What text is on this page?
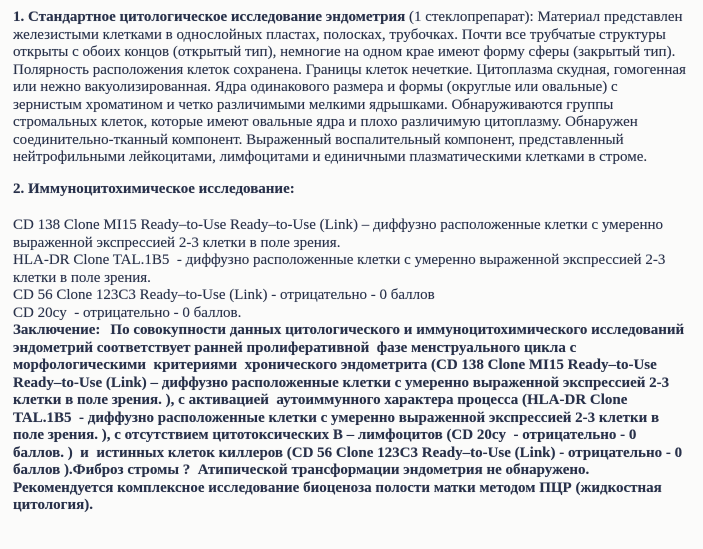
1. Стандартное цитологическое исследование эндометрия (1 стеклопрепарат): Материал представлен железистыми клетками в однослойных пластах, полосках, трубочках. Почти все трубчатые структуры открыты с обоих концов (открытый тип), немногие на одном крае имеют форму сферы (закрытый тип). Полярность расположения клеток сохранена. Границы клеток нечеткие. Цитоплазма скудная, гомогенная или нежно вакуолизированная. Ядра одинакового размера и формы (округлые или овальные) с зернистым хроматином и четко различимыми мелкими ядрышками. Обнаруживаются группы стромальных клеток, которые имеют овальные ядра и плохо различимую цитоплазму. Обнаружен соединительно-тканный компонент. Выраженный воспалительный компонент, представленный нейтрофильными лейкоцитами, лимфоцитами и единичными плазматическими клетками в строме.

2. Иммуноцитохимическое исследование:

CD 138 Clone MI15 Ready–to-Use Ready–to-Use (Link) – диффузно расположенные клетки с умеренно выраженной экспрессией 2-3 клетки в поле зрения.

HLA-DR Clone TAL.1B5  - диффузно расположенные клетки с умеренно выраженной экспрессией 2-3 клетки в поле зрения.

CD 56 Clone 123C3 Ready–to-Use (Link) - отрицательно - 0 баллов

CD 20cy  - отрицательно - 0 баллов.

Заключение: По совокупности данных цитологического и иммуноцитохимического исследований эндометрий соответствует ранней пролиферативной  фазе менструального цикла с морфологическими  критериями  хронического эндометрита (CD 138 Clone MI15 Ready–to-Use Ready–to-Use (Link) – диффузно расположенные клетки с умеренно выраженной экспрессией 2-3 клетки в поле зрения. ), с активацией  аутоиммунного характера процесса (HLA-DR Clone TAL.1B5  - диффузно расположенные клетки с умеренно выраженной экспрессией 2-3 клетки в поле зрения. ), с отсутствием цитотоксических В – лимфоцитов (CD 20cy  - отрицательно - 0 баллов. )  и  истинных клеток киллеров (CD 56 Clone 123C3 Ready–to-Use (Link) - отрицательно - 0 баллов ).Фиброз стромы ?  Атипической трансформации эндометрия не обнаружено.

Рекомендуется комплексное исследование биоценоза полости матки методом ПЦР (жидкостная цитология).
